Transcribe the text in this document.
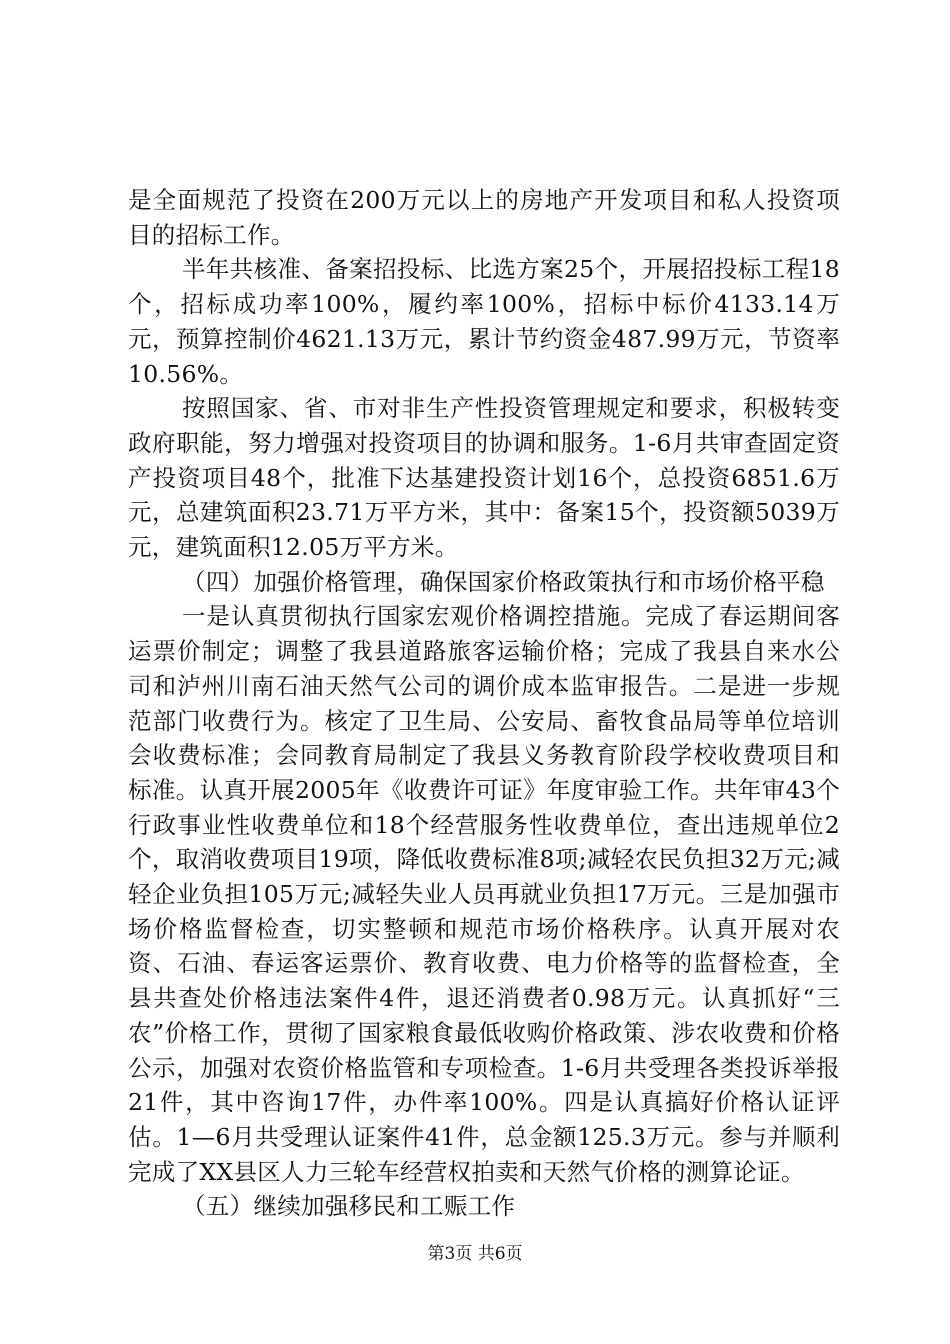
是全面规范了投资在200万元以上的房地产开发项目和私人投资项目的招标工作。

半年共核准、备案招投标、比选方案25个，开展招投标工程18个，招标成功率100%，履约率100%，招标中标价4133.14万元，预算控制价4621.13万元，累计节约资金487.99万元，节资率10.56%。

按照国家、省、市对非生产性投资管理规定和要求，积极转变政府职能，努力增强对投资项目的协调和服务。1-6月共审查固定资产投资项目48个，批准下达基建投资计划16个，总投资6851.6万元，总建筑面积23.71万平方米，其中：备案15个，投资额5039万元，建筑面积12.05万平方米。

（四）加强价格管理，确保国家价格政策执行和市场价格平稳

一是认真贯彻执行国家宏观价格调控措施。完成了春运期间客运票价制定；调整了我县道路旅客运输价格；完成了我县自来水公司和泸州川南石油天然气公司的调价成本监审报告。二是进一步规范部门收费行为。核定了卫生局、公安局、畜牧食品局等单位培训会收费标准；会同教育局制定了我县义务教育阶段学校收费项目和标准。认真开展2005年《收费许可证》年度审验工作。共年审43个行政事业性收费单位和18个经营服务性收费单位，查出违规单位2个，取消收费项目19项，降低收费标准8项;减轻农民负担32万元;减轻企业负担105万元;减轻失业人员再就业负担17万元。三是加强市场价格监督检查，切实整顿和规范市场价格秩序。认真开展对农资、石油、春运客运票价、教育收费、电力价格等的监督检查，全县共查处价格违法案件4件，退还消费者0.98万元。认真抓好“三农”价格工作，贯彻了国家粮食最低收购价格政策、涉农收费和价格公示，加强对农资价格监管和专项检查。1-6月共受理各类投诉举报21件，其中咨询17件，办件率100%。四是认真搞好价格认证评估。1—6月共受理认证案件41件，总金额125.3万元。参与并顺利完成了XX县区人力三轮车经营权拍卖和天然气价格的测算论证。

（五）继续加强移民和工赈工作

第3页 共6页
